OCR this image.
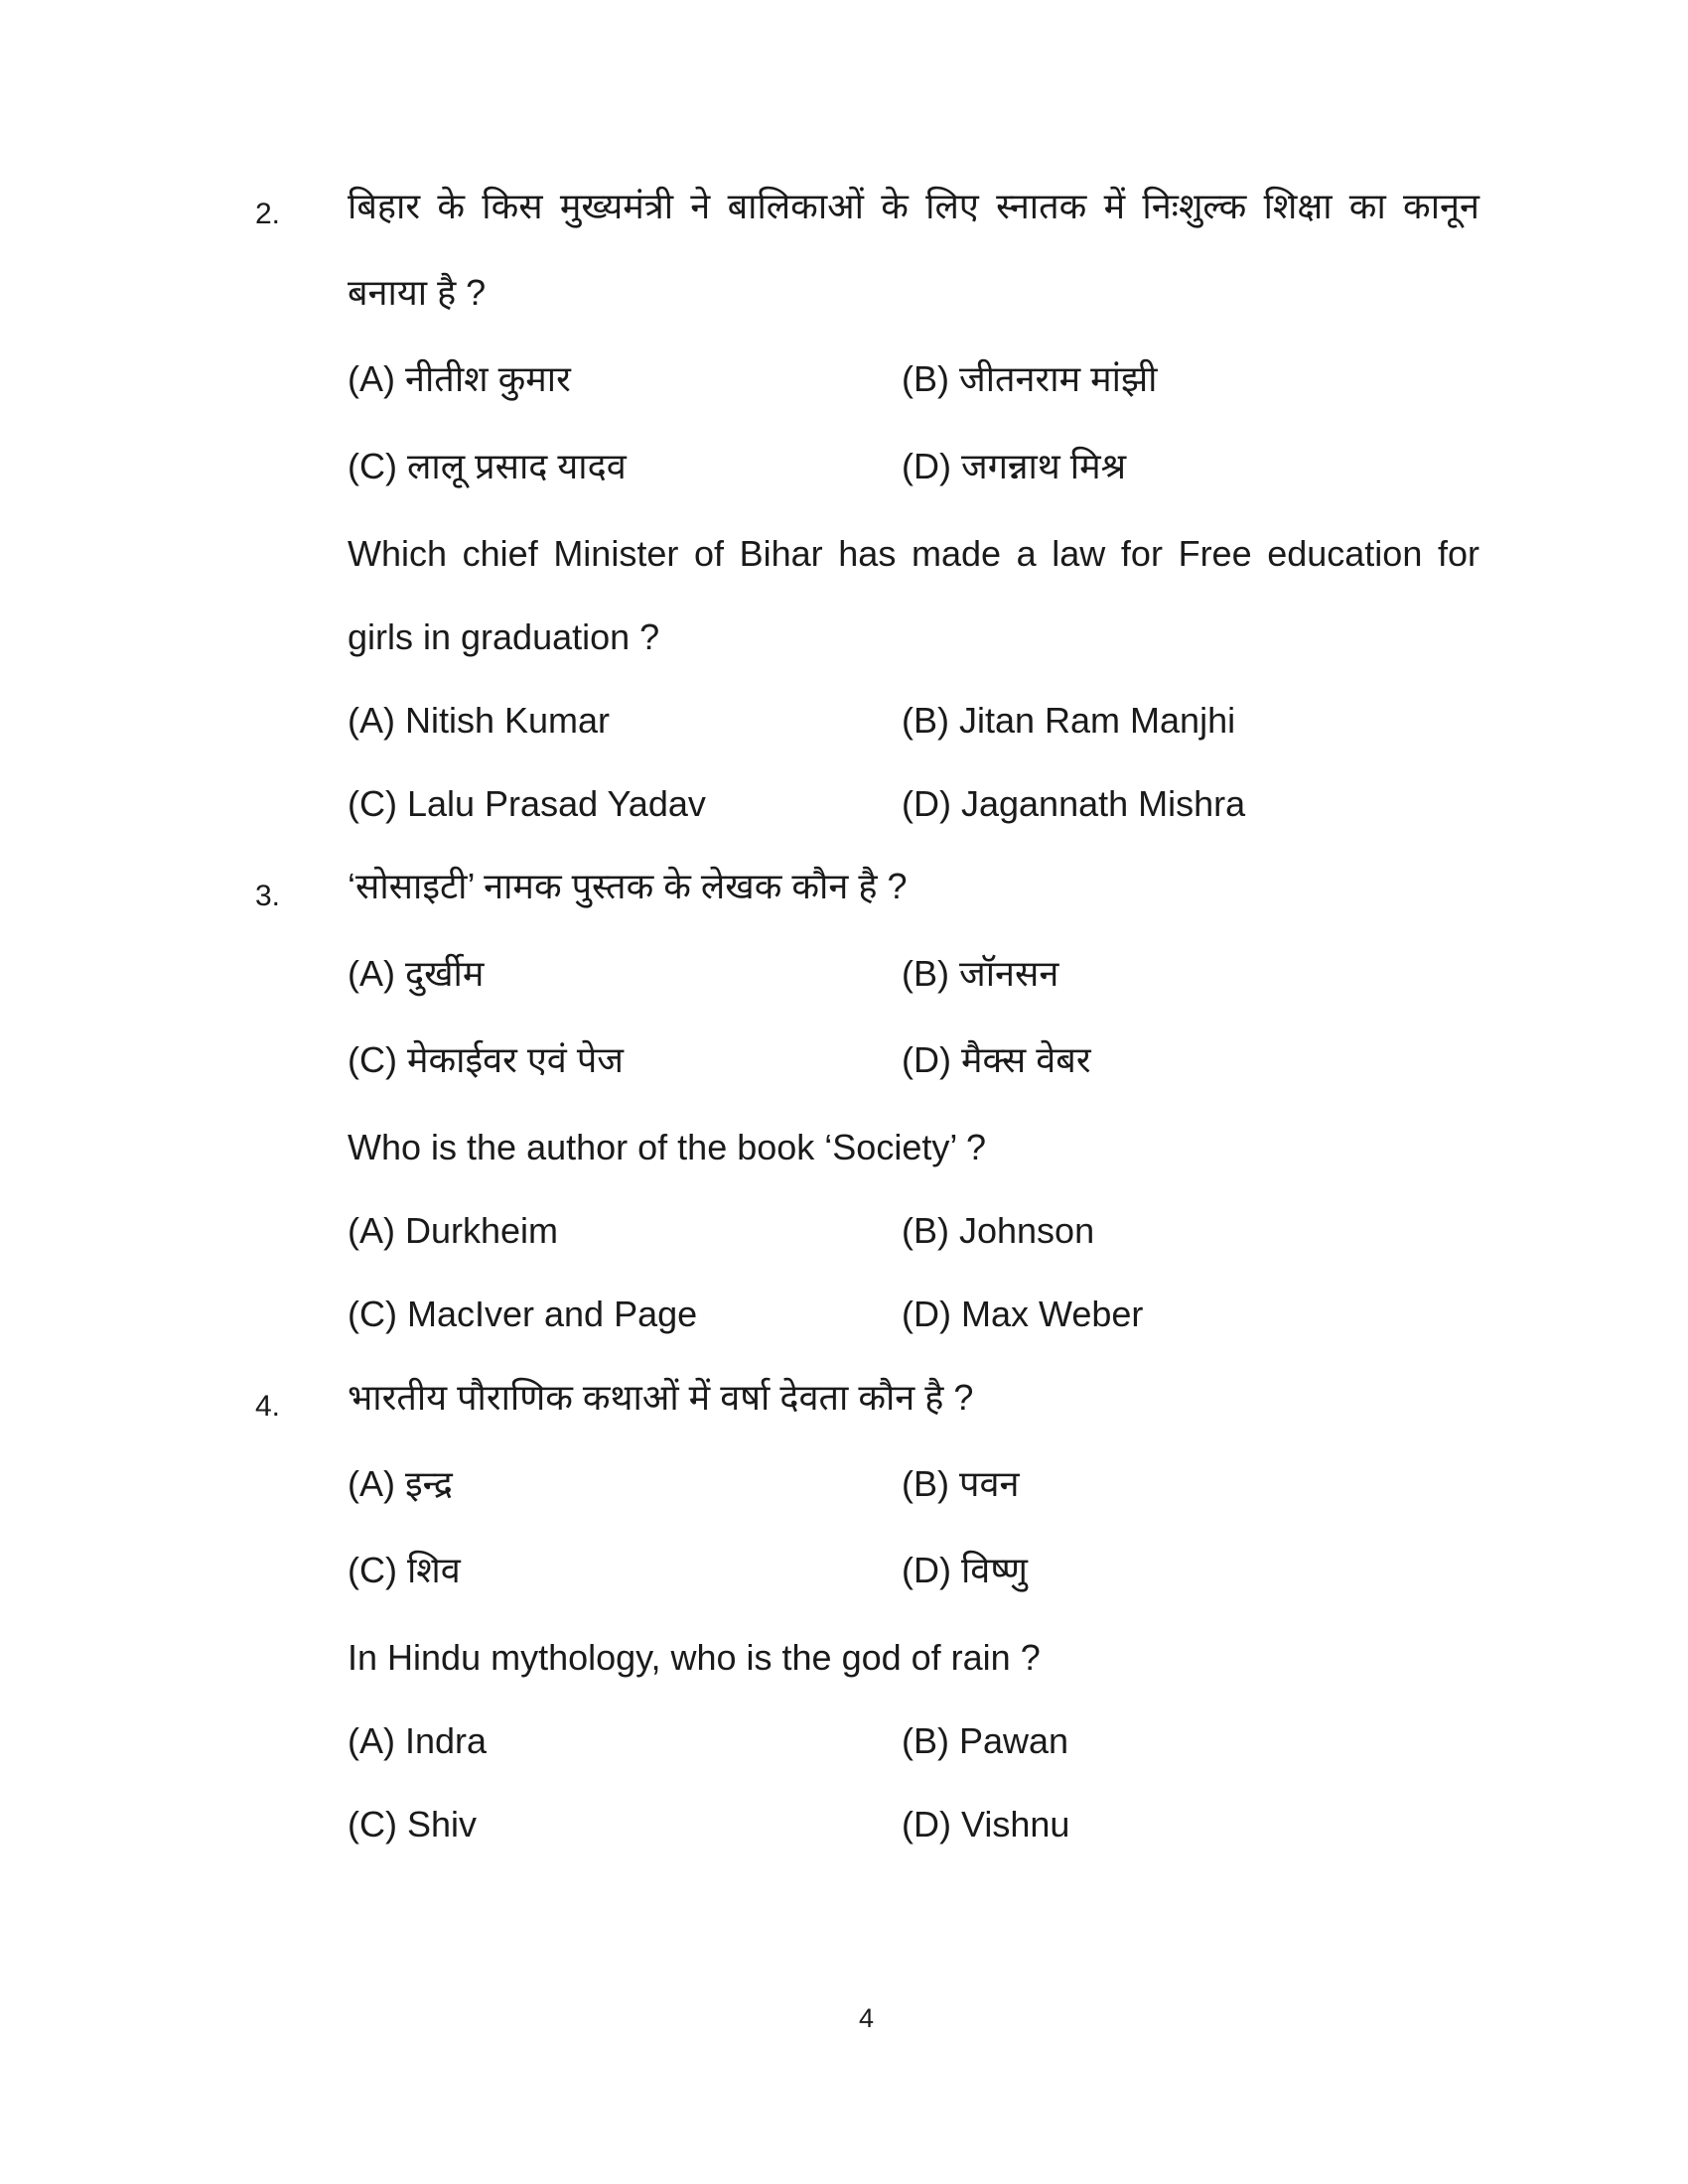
2. बिहार के किस मुख्यमंत्री ने बालिकाओं के लिए स्नातक में निःशुल्क शिक्षा का कानून
बनाया है ?
(A) नीतीश कुमार	(B) जीतनराम मांझी
(C) लालू प्रसाद यादव	(D) जगन्नाथ मिश्र
Which chief Minister of Bihar has made a law for Free education for
girls in graduation ?
(A) Nitish Kumar	(B) Jitan Ram Manjhi
(C) Lalu Prasad Yadav	(D) Jagannath Mishra
3. ‘सोसाइटी’ नामक पुस्तक के लेखक कौन है ?
(A) दुर्खीम	(B) जॉनसन
(C) मेकाईवर एवं पेज	(D) मैक्स वेबर
Who is the author of the book ‘Society’ ?
(A) Durkheim	(B) Johnson
(C) MacIver and Page	(D) Max Weber
4. भारतीय पौराणिक कथाओं में वर्षा देवता कौन है ?
(A) इन्द्र	(B) पवन
(C) शिव	(D) विष्णु
In Hindu mythology, who is the god of rain ?
(A) Indra	(B) Pawan
(C) Shiv	(D) Vishnu
4
